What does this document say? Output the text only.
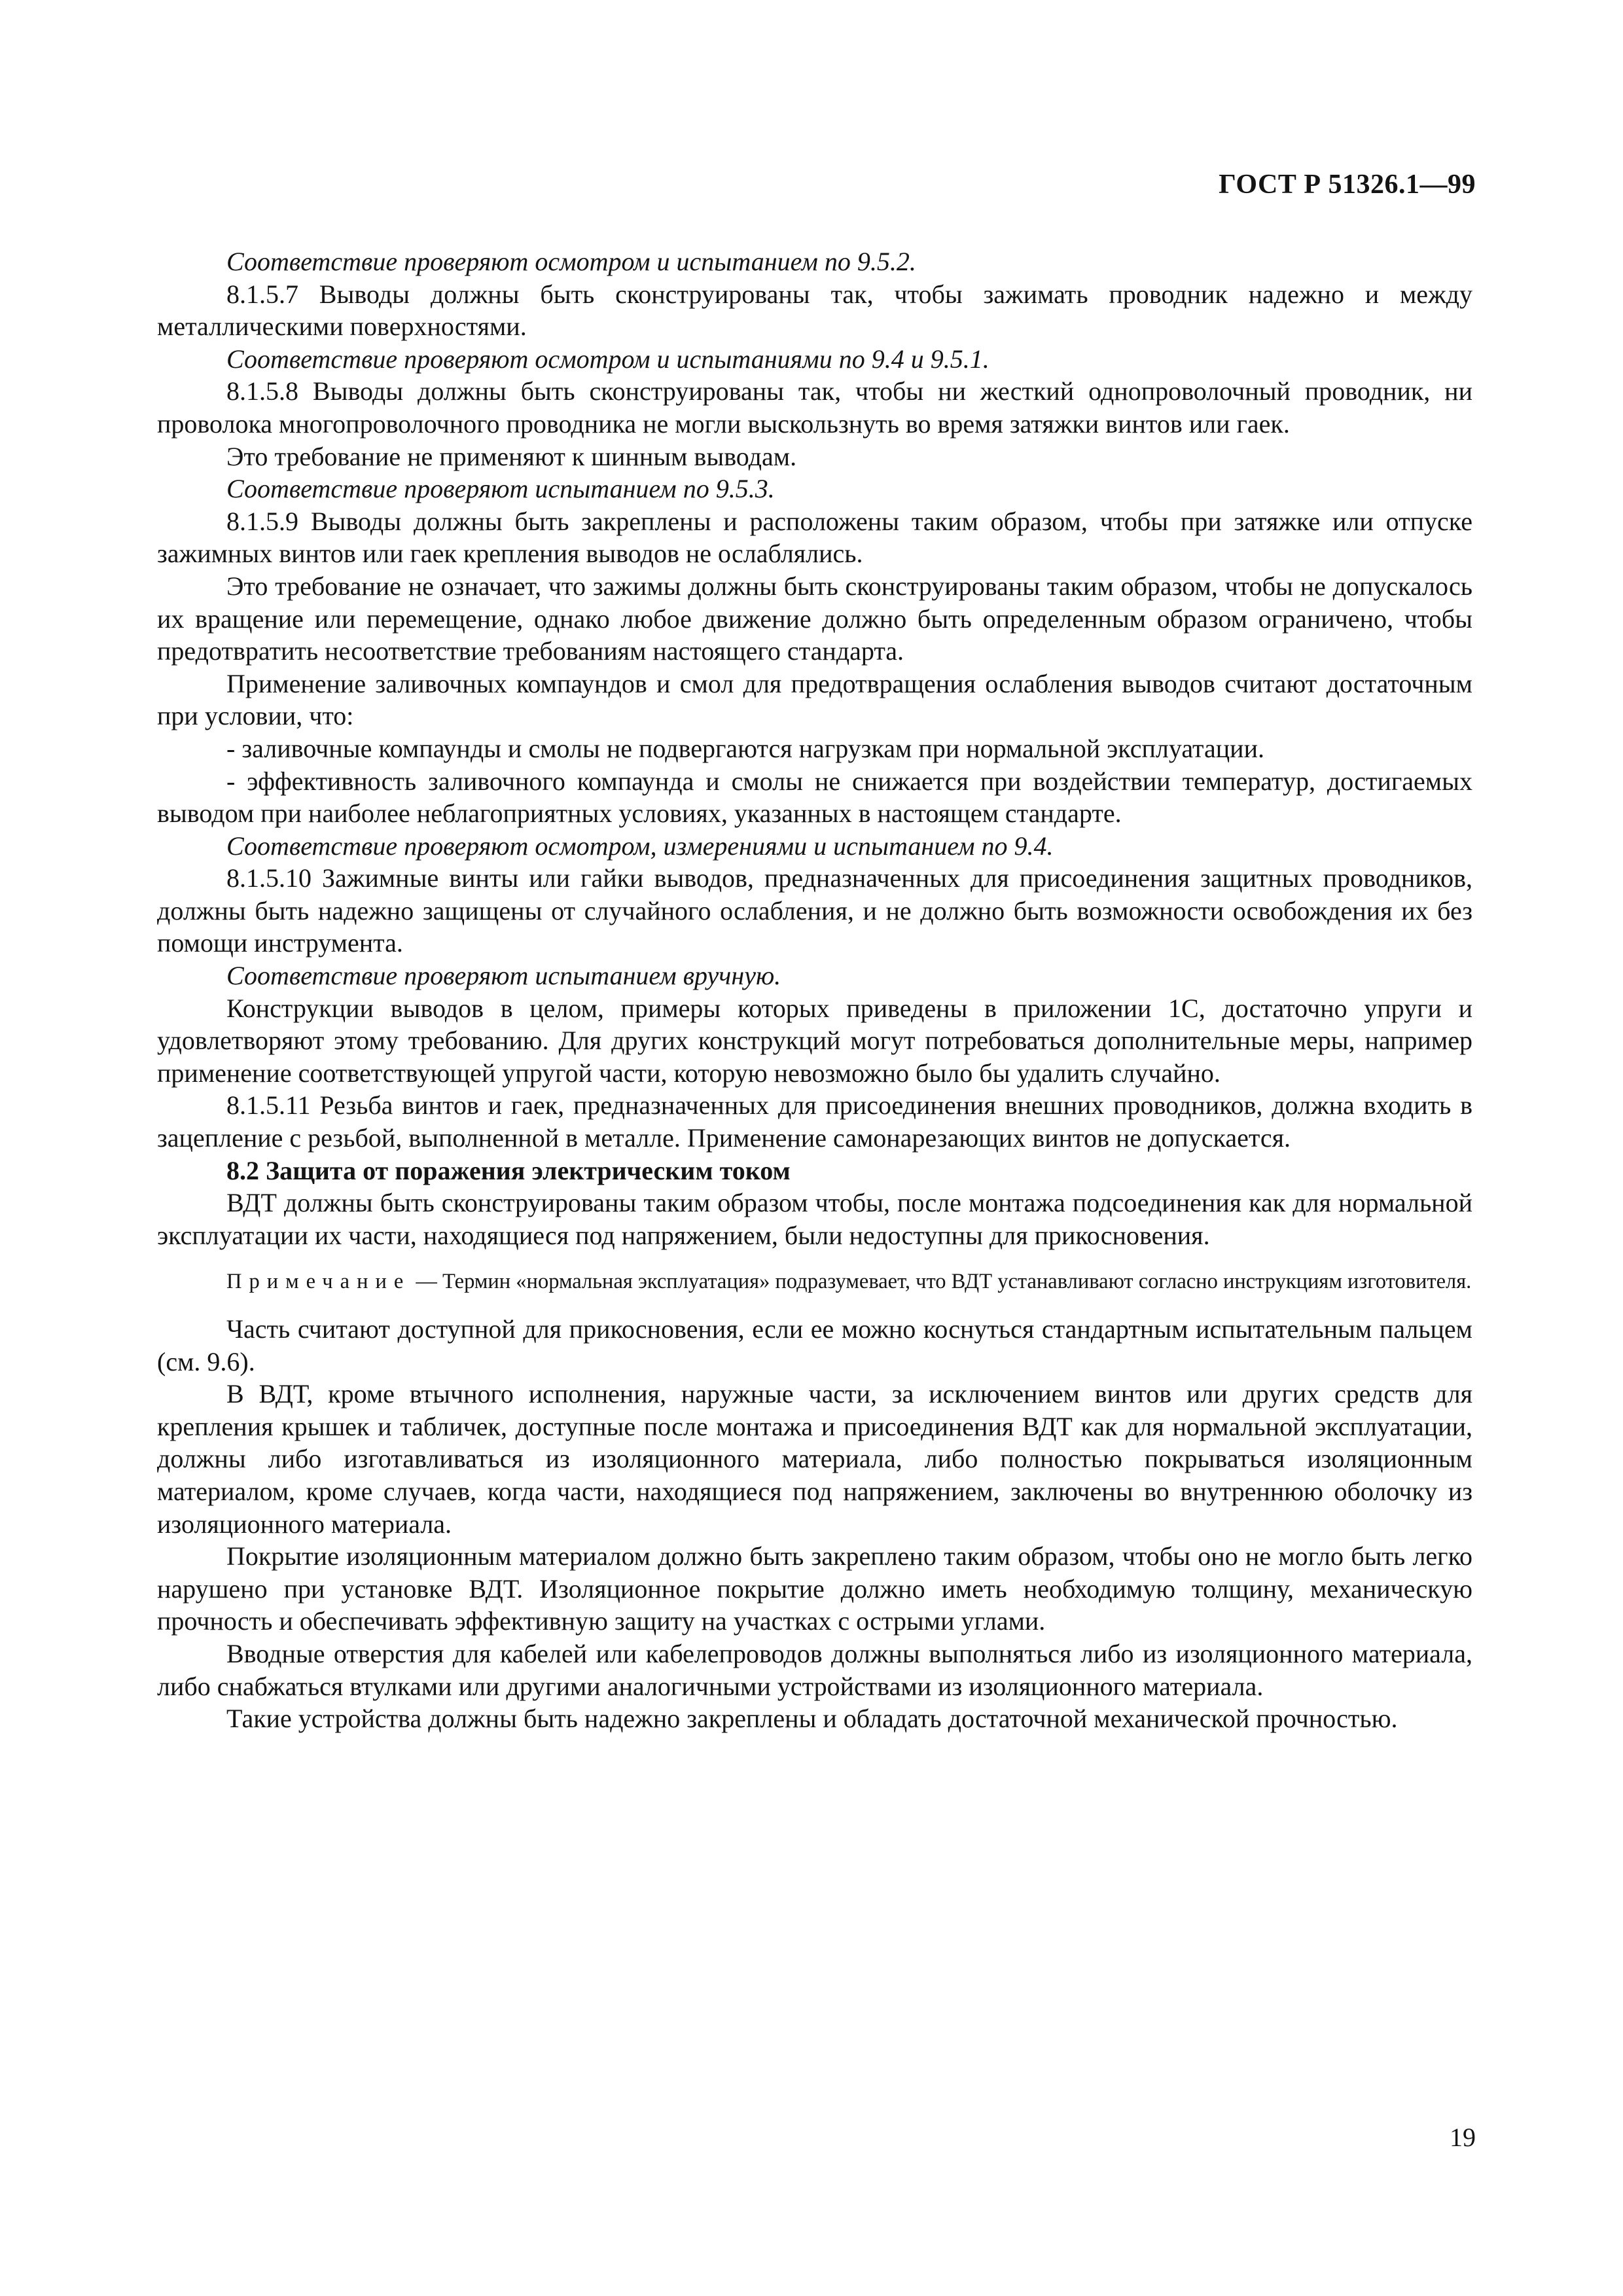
ГОСТ Р 51326.1—99

Соответствие проверяют осмотром и испытанием по 9.5.2.

8.1.5.7 Выводы должны быть сконструированы так, чтобы зажимать проводник надежно и между металлическими поверхностями.

Соответствие проверяют осмотром и испытаниями по 9.4 и 9.5.1.

8.1.5.8 Выводы должны быть сконструированы так, чтобы ни жесткий однопроволочный проводник, ни проволока многопроволочного проводника не могли выскользнуть во время затяжки винтов или гаек.

Это требование не применяют к шинным выводам.

Соответствие проверяют испытанием по 9.5.3.

8.1.5.9 Выводы должны быть закреплены и расположены таким образом, чтобы при затяжке или отпуске зажимных винтов или гаек крепления выводов не ослаблялись.

Это требование не означает, что зажимы должны быть сконструированы таким образом, чтобы не допускалось их вращение или перемещение, однако любое движение должно быть определенным образом ограничено, чтобы предотвратить несоответствие требованиям настоящего стандарта.

Применение заливочных компаундов и смол для предотвращения ослабления выводов считают достаточным при условии, что:

- заливочные компаунды и смолы не подвергаются нагрузкам при нормальной эксплуатации.

- эффективность заливочного компаунда и смолы не снижается при воздействии температур, достигаемых выводом при наиболее неблагоприятных условиях, указанных в настоящем стандарте.

Соответствие проверяют осмотром, измерениями и испытанием по 9.4.

8.1.5.10 Зажимные винты или гайки выводов, предназначенных для присоединения защитных проводников, должны быть надежно защищены от случайного ослабления, и не должно быть возможности освобождения их без помощи инструмента.

Соответствие проверяют испытанием вручную.

Конструкции выводов в целом, примеры которых приведены в приложении 1С, достаточно упруги и удовлетворяют этому требованию. Для других конструкций могут потребоваться дополнительные меры, например применение соответствующей упругой части, которую невозможно было бы удалить случайно.

8.1.5.11 Резьба винтов и гаек, предназначенных для присоединения внешних проводников, должна входить в зацепление с резьбой, выполненной в металле. Применение самонарезающих винтов не допускается.

8.2 Защита от поражения электрическим током

ВДТ должны быть сконструированы таким образом чтобы, после монтажа подсоединения как для нормальной эксплуатации их части, находящиеся под напряжением, были недоступны для прикосновения.

Примечание — Термин «нормальная эксплуатация» подразумевает, что ВДТ устанавливают согласно инструкциям изготовителя.

Часть считают доступной для прикосновения, если ее можно коснуться стандартным испытательным пальцем (см. 9.6).

В ВДТ, кроме втычного исполнения, наружные части, за исключением винтов или других средств для крепления крышек и табличек, доступные после монтажа и присоединения ВДТ как для нормальной эксплуатации, должны либо изготавливаться из изоляционного материала, либо полностью покрываться изоляционным материалом, кроме случаев, когда части, находящиеся под напряжением, заключены во внутреннюю оболочку из изоляционного материала.

Покрытие изоляционным материалом должно быть закреплено таким образом, чтобы оно не могло быть легко нарушено при установке ВДТ. Изоляционное покрытие должно иметь необходимую толщину, механическую прочность и обеспечивать эффективную защиту на участках с острыми углами.

Вводные отверстия для кабелей или кабелепроводов должны выполняться либо из изоляционного материала, либо снабжаться втулками или другими аналогичными устройствами из изоляционного материала.

Такие устройства должны быть надежно закреплены и обладать достаточной механической прочностью.

19
